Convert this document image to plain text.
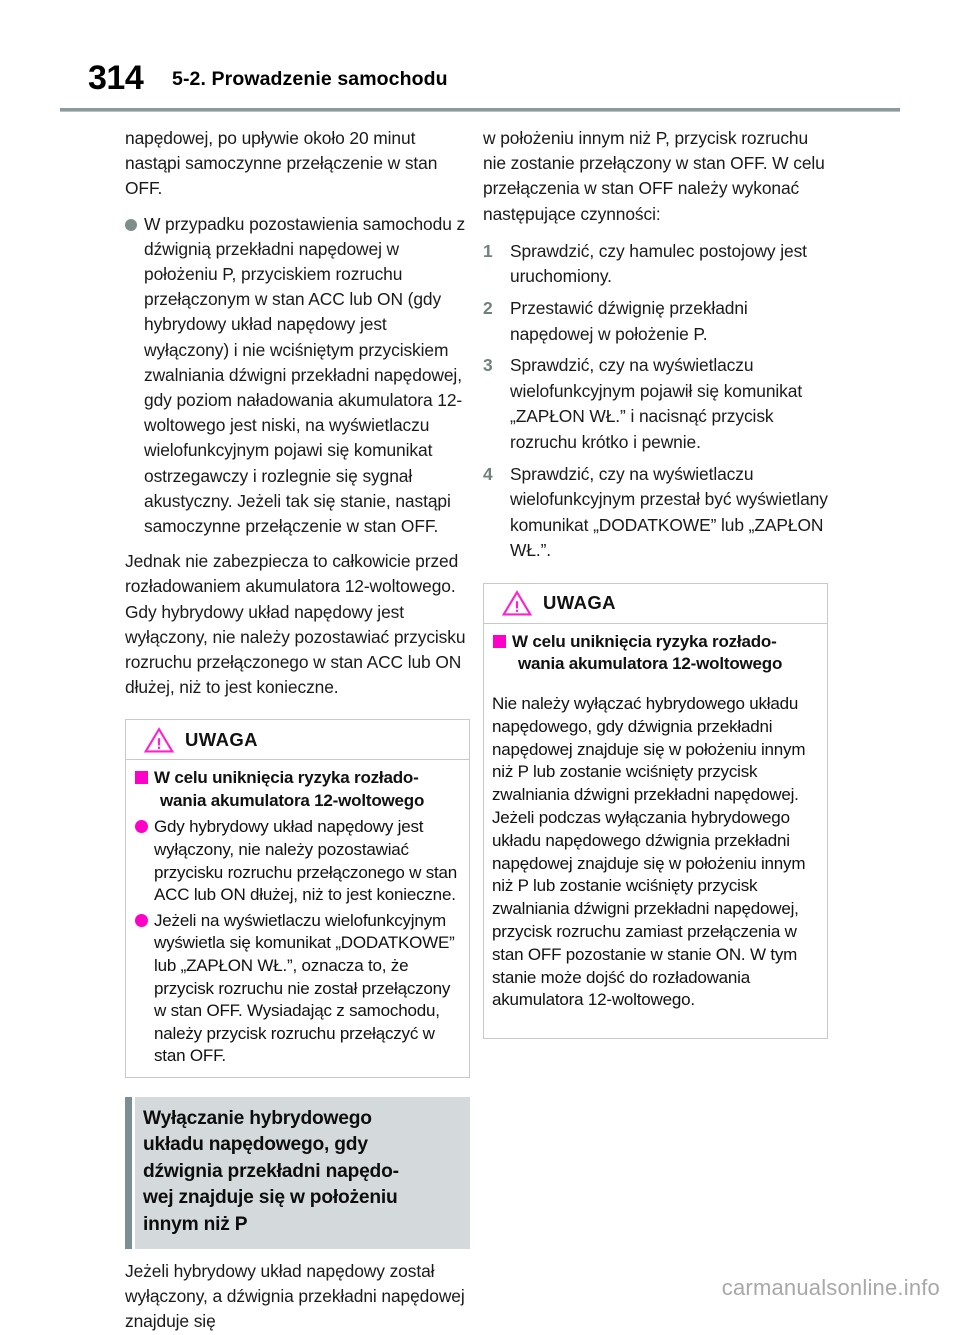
314 5-2. Prowadzenie samochodu

napędowej, po upływie około 20 minut nastąpi samoczynne przełączenie w stan OFF.

W przypadku pozostawienia samochodu z dźwignią przekładni napędowej w położeniu P, przyciskiem rozruchu przełączonym w stan ACC lub ON (gdy hybrydowy układ napędowy jest wyłączony) i nie wciśniętym przyciskiem zwalniania dźwigni przekładni napędowej, gdy poziom naładowania akumulatora 12-woltowego jest niski, na wyświetlaczu wielofunkcyjnym pojawi się komunikat ostrzegawczy i rozlegnie się sygnał akustyczny. Jeżeli tak się stanie, nastąpi samoczynne przełączenie w stan OFF.

Jednak nie zabezpiecza to całkowicie przed rozładowaniem akumulatora 12-woltowego. Gdy hybrydowy układ napędowy jest wyłączony, nie należy pozostawiać przycisku rozruchu przełączonego w stan ACC lub ON dłużej, niż to jest konieczne.

UWAGA
W celu uniknięcia ryzyka rozłado-
wania akumulatora 12-woltowego
Gdy hybrydowy układ napędowy jest wyłączony, nie należy pozostawiać przycisku rozruchu przełączonego w stan ACC lub ON dłużej, niż to jest konieczne.
Jeżeli na wyświetlaczu wielofunkcyjnym wyświetla się komunikat „DODATKOWE” lub „ZAPŁON WŁ.”, oznacza to, że przycisk rozruchu nie został przełączony w stan OFF. Wysiadając z samochodu, należy przycisk rozruchu przełączyć w stan OFF.
Wyłączanie hybrydowego
układu napędowego, gdy
dźwignia przekładni napędo-
wej znajduje się w położeniu
innym niż P

Jeżeli hybrydowy układ napędowy został wyłączony, a dźwignia przekładni napędowej znajduje się

w położeniu innym niż P, przycisk rozruchu nie zostanie przełączony w stan OFF. W celu przełączenia w stan OFF należy wykonać następujące czynności:

1	Sprawdzić, czy hamulec postojowy jest uruchomiony.
2	Przestawić dźwignię przekładni napędowej w położenie P.
3	Sprawdzić, czy na wyświetlaczu wielofunkcyjnym pojawił się komunikat „ZAPŁON WŁ.” i nacisnąć przycisk rozruchu krótko i pewnie.
4	Sprawdzić, czy na wyświetlaczu wielofunkcyjnym przestał być wyświetlany komunikat „DODATKOWE” lub „ZAPŁON WŁ.”.
UWAGA
W celu uniknięcia ryzyka rozłado-
wania akumulatora 12-woltowego

Nie należy wyłączać hybrydowego układu napędowego, gdy dźwignia przekładni napędowej znajduje się w położeniu innym niż P lub zostanie wciśnięty przycisk zwalniania dźwigni przekładni napędowej. Jeżeli podczas wyłączania hybrydowego układu napędowego dźwignia przekładni napędowej znajduje się w położeniu innym niż P lub zostanie wciśnięty przycisk zwalniania dźwigni przekładni napędowej, przycisk rozruchu zamiast przełączenia w stan OFF pozostanie w stanie ON. W tym stanie może dojść do rozładowania akumulatora 12-woltowego.

carmanualsonline.info
